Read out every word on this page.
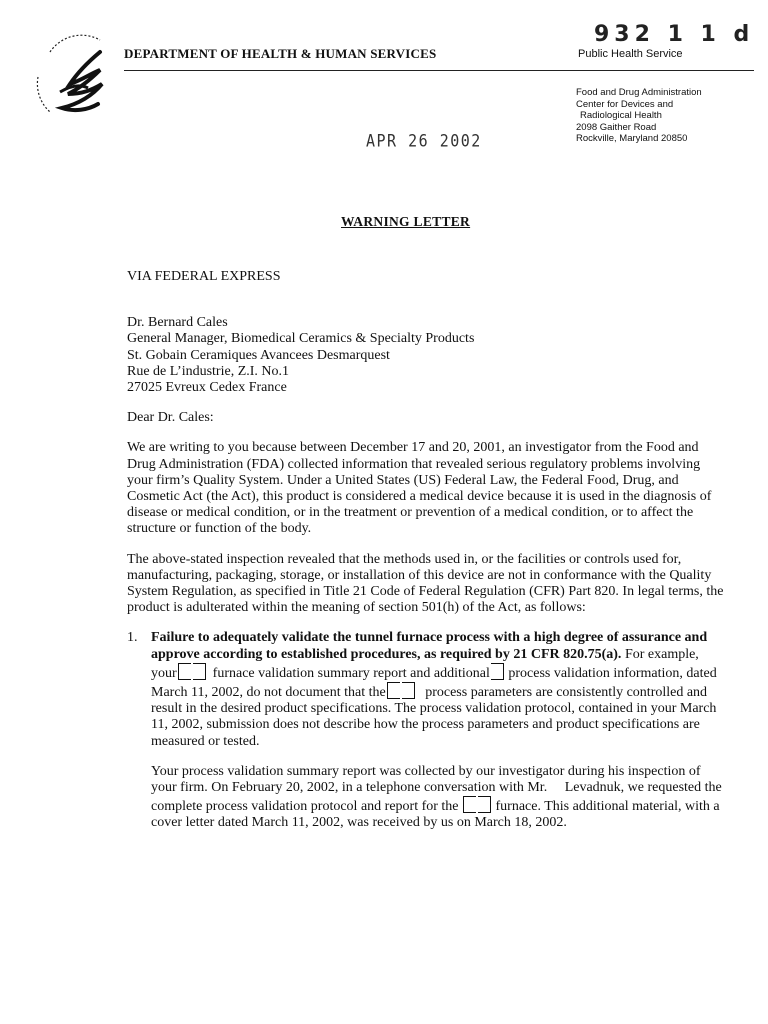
932 1 1 d
DEPARTMENT OF HEALTH & HUMAN SERVICES	Public Health Service
Food and Drug Administration
Center for Devices and
Radiological Health
2098 Gaither Road
Rockville, Maryland 20850
APR 26 2002
WARNING LETTER
VIA FEDERAL EXPRESS
Dr. Bernard Cales
General Manager, Biomedical Ceramics & Specialty Products
St. Gobain Ceramiques Avancees Desmarquest
Rue de L’industrie, Z.I. No.1
27025 Evreux Cedex France
Dear Dr. Cales:

We are writing to you because between December 17 and 20, 2001, an investigator from the Food and Drug Administration (FDA) collected information that revealed serious regulatory problems involving your firm’s Quality System. Under a United States (US) Federal Law, the Federal Food, Drug, and Cosmetic Act (the Act), this product is considered a medical device because it is used in the diagnosis of disease or medical condition, or in the treatment or prevention of a medical condition, or to affect the structure or function of the body.

The above-stated inspection revealed that the methods used in, or the facilities or controls used for, manufacturing, packaging, storage, or installation of this device are not in conformance with the Quality System Regulation, as specified in Title 21 Code of Federal Regulation (CFR) Part 820. In legal terms, the product is adulterated within the meaning of section 501(h) of the Act, as follows:

1. Failure to adequately validate the tunnel furnace process with a high degree of assurance and approve according to established procedures, as required by 21 CFR 820.75(a). For example, your	furnace validation summary report and additional process validation information, dated March 11, 2002, do not document that the	process parameters are consistently controlled and result in the desired product specifications. The process validation protocol, contained in your March 11, 2002, submission does not describe how the process parameters and product specifications are measured or tested.
Your process validation summary report was collected by our investigator during his inspection of your firm. On February 20, 2002, in a telephone conversation with Mr. Levadnuk, we requested the complete process validation protocol and report for the	furnace. This additional material, with a cover letter dated March 11, 2002, was received by us on March 18, 2002.
